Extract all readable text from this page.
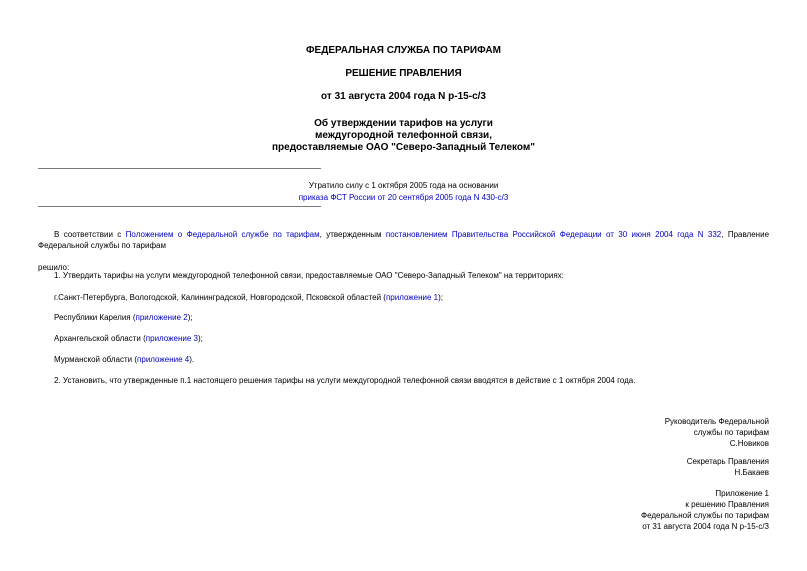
ФЕДЕРАЛЬНАЯ СЛУЖБА ПО ТАРИФАМ
РЕШЕНИЕ ПРАВЛЕНИЯ
от 31 августа 2004 года N р-15-с/3
Об утверждении тарифов на услуги
междугородной телефонной связи,
предоставляемые ОАО "Северо-Западный Телеком"
Утратило силу с 1 октября 2005 года на основании
приказа ФСТ России от 20 сентября 2005 года N 430-с/3
В соответствии с Положением о Федеральной службе по тарифам, утвержденным постановлением Правительства Российской Федерации от 30 июня 2004 года N 332, Правление Федеральной службы по тарифам
решило:
1. Утвердить тарифы на услуги междугородной телефонной связи, предоставляемые ОАО "Северо-Западный Телеком" на территориях:
г.Санкт-Петербурга, Вологодской, Калининградской, Новгородской, Псковской областей (приложение 1);
Республики Карелия (приложение 2);
Архангельской области (приложение 3);
Мурманской области (приложение 4).
2. Установить, что утвержденные п.1 настоящего решения тарифы на услуги междугородной телефонной связи вводятся в действие с 1 октября 2004 года.
Руководитель Федеральной
службы по тарифам
С.Новиков
Секретарь Правления
Н.Бакаев
Приложение 1
к решению Правления
Федеральной службы по тарифам
от 31 августа 2004 года N р-15-с/3
